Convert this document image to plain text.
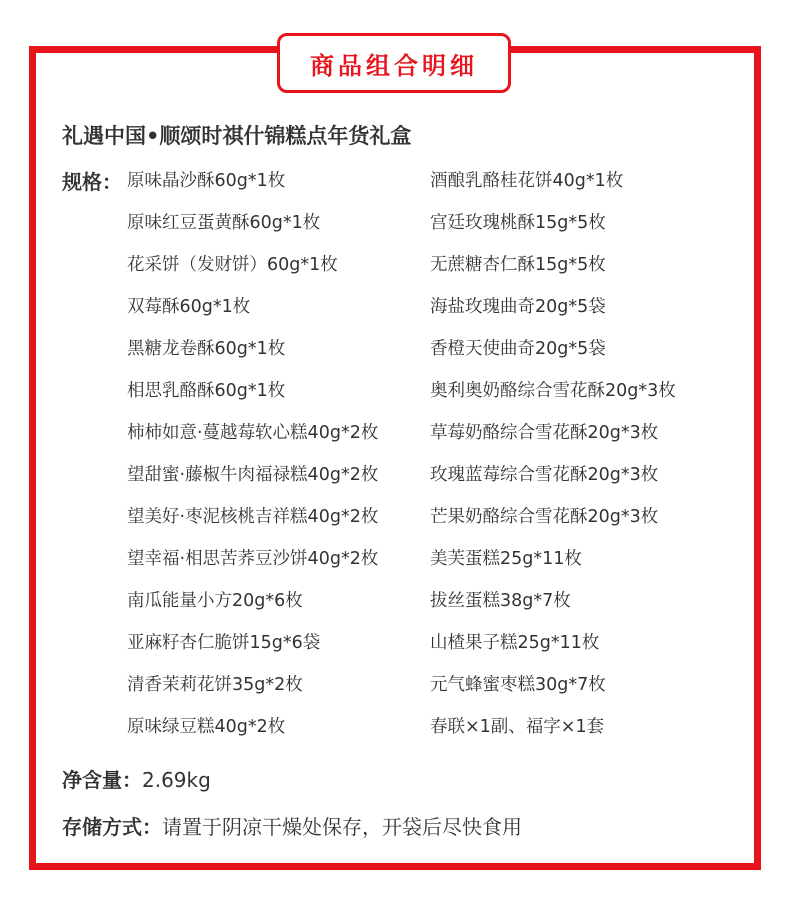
商品组合明细
礼遇中国•顺颂时祺什锦糕点年货礼盒
规格： 原味晶沙酥60g*1枚
原味红豆蛋黄酥60g*1枚
花采饼（发财饼）60g*1枚
双莓酥60g*1枚
黑糖龙卷酥60g*1枚
相思乳酪酥60g*1枚
柿柿如意·蔓越莓软心糕40g*2枚
望甜蜜·藤椒牛肉福禄糕40g*2枚
望美好·枣泥核桃吉祥糕40g*2枚
望幸福·相思苦荞豆沙饼40g*2枚
南瓜能量小方20g*6枚
亚麻籽杏仁脆饼15g*6袋
清香茉莉花饼35g*2枚
原味绿豆糕40g*2枚
酒酿乳酪桂花饼40g*1枚
宫廷玫瑰桃酥15g*5枚
无蔗糖杏仁酥15g*5枚
海盐玫瑰曲奇20g*5袋
香橙天使曲奇20g*5袋
奥利奥奶酪综合雪花酥20g*3枚
草莓奶酪综合雪花酥20g*3枚
玫瑰蓝莓综合雪花酥20g*3枚
芒果奶酪综合雪花酥20g*3枚
美芙蛋糕25g*11枚
拔丝蛋糕38g*7枚
山楂果子糕25g*11枚
元气蜂蜜枣糕30g*7枚
春联×1副、福字×1套
净含量：2.69kg
存储方式：请置于阴凉干燥处保存，开袋后尽快食用
